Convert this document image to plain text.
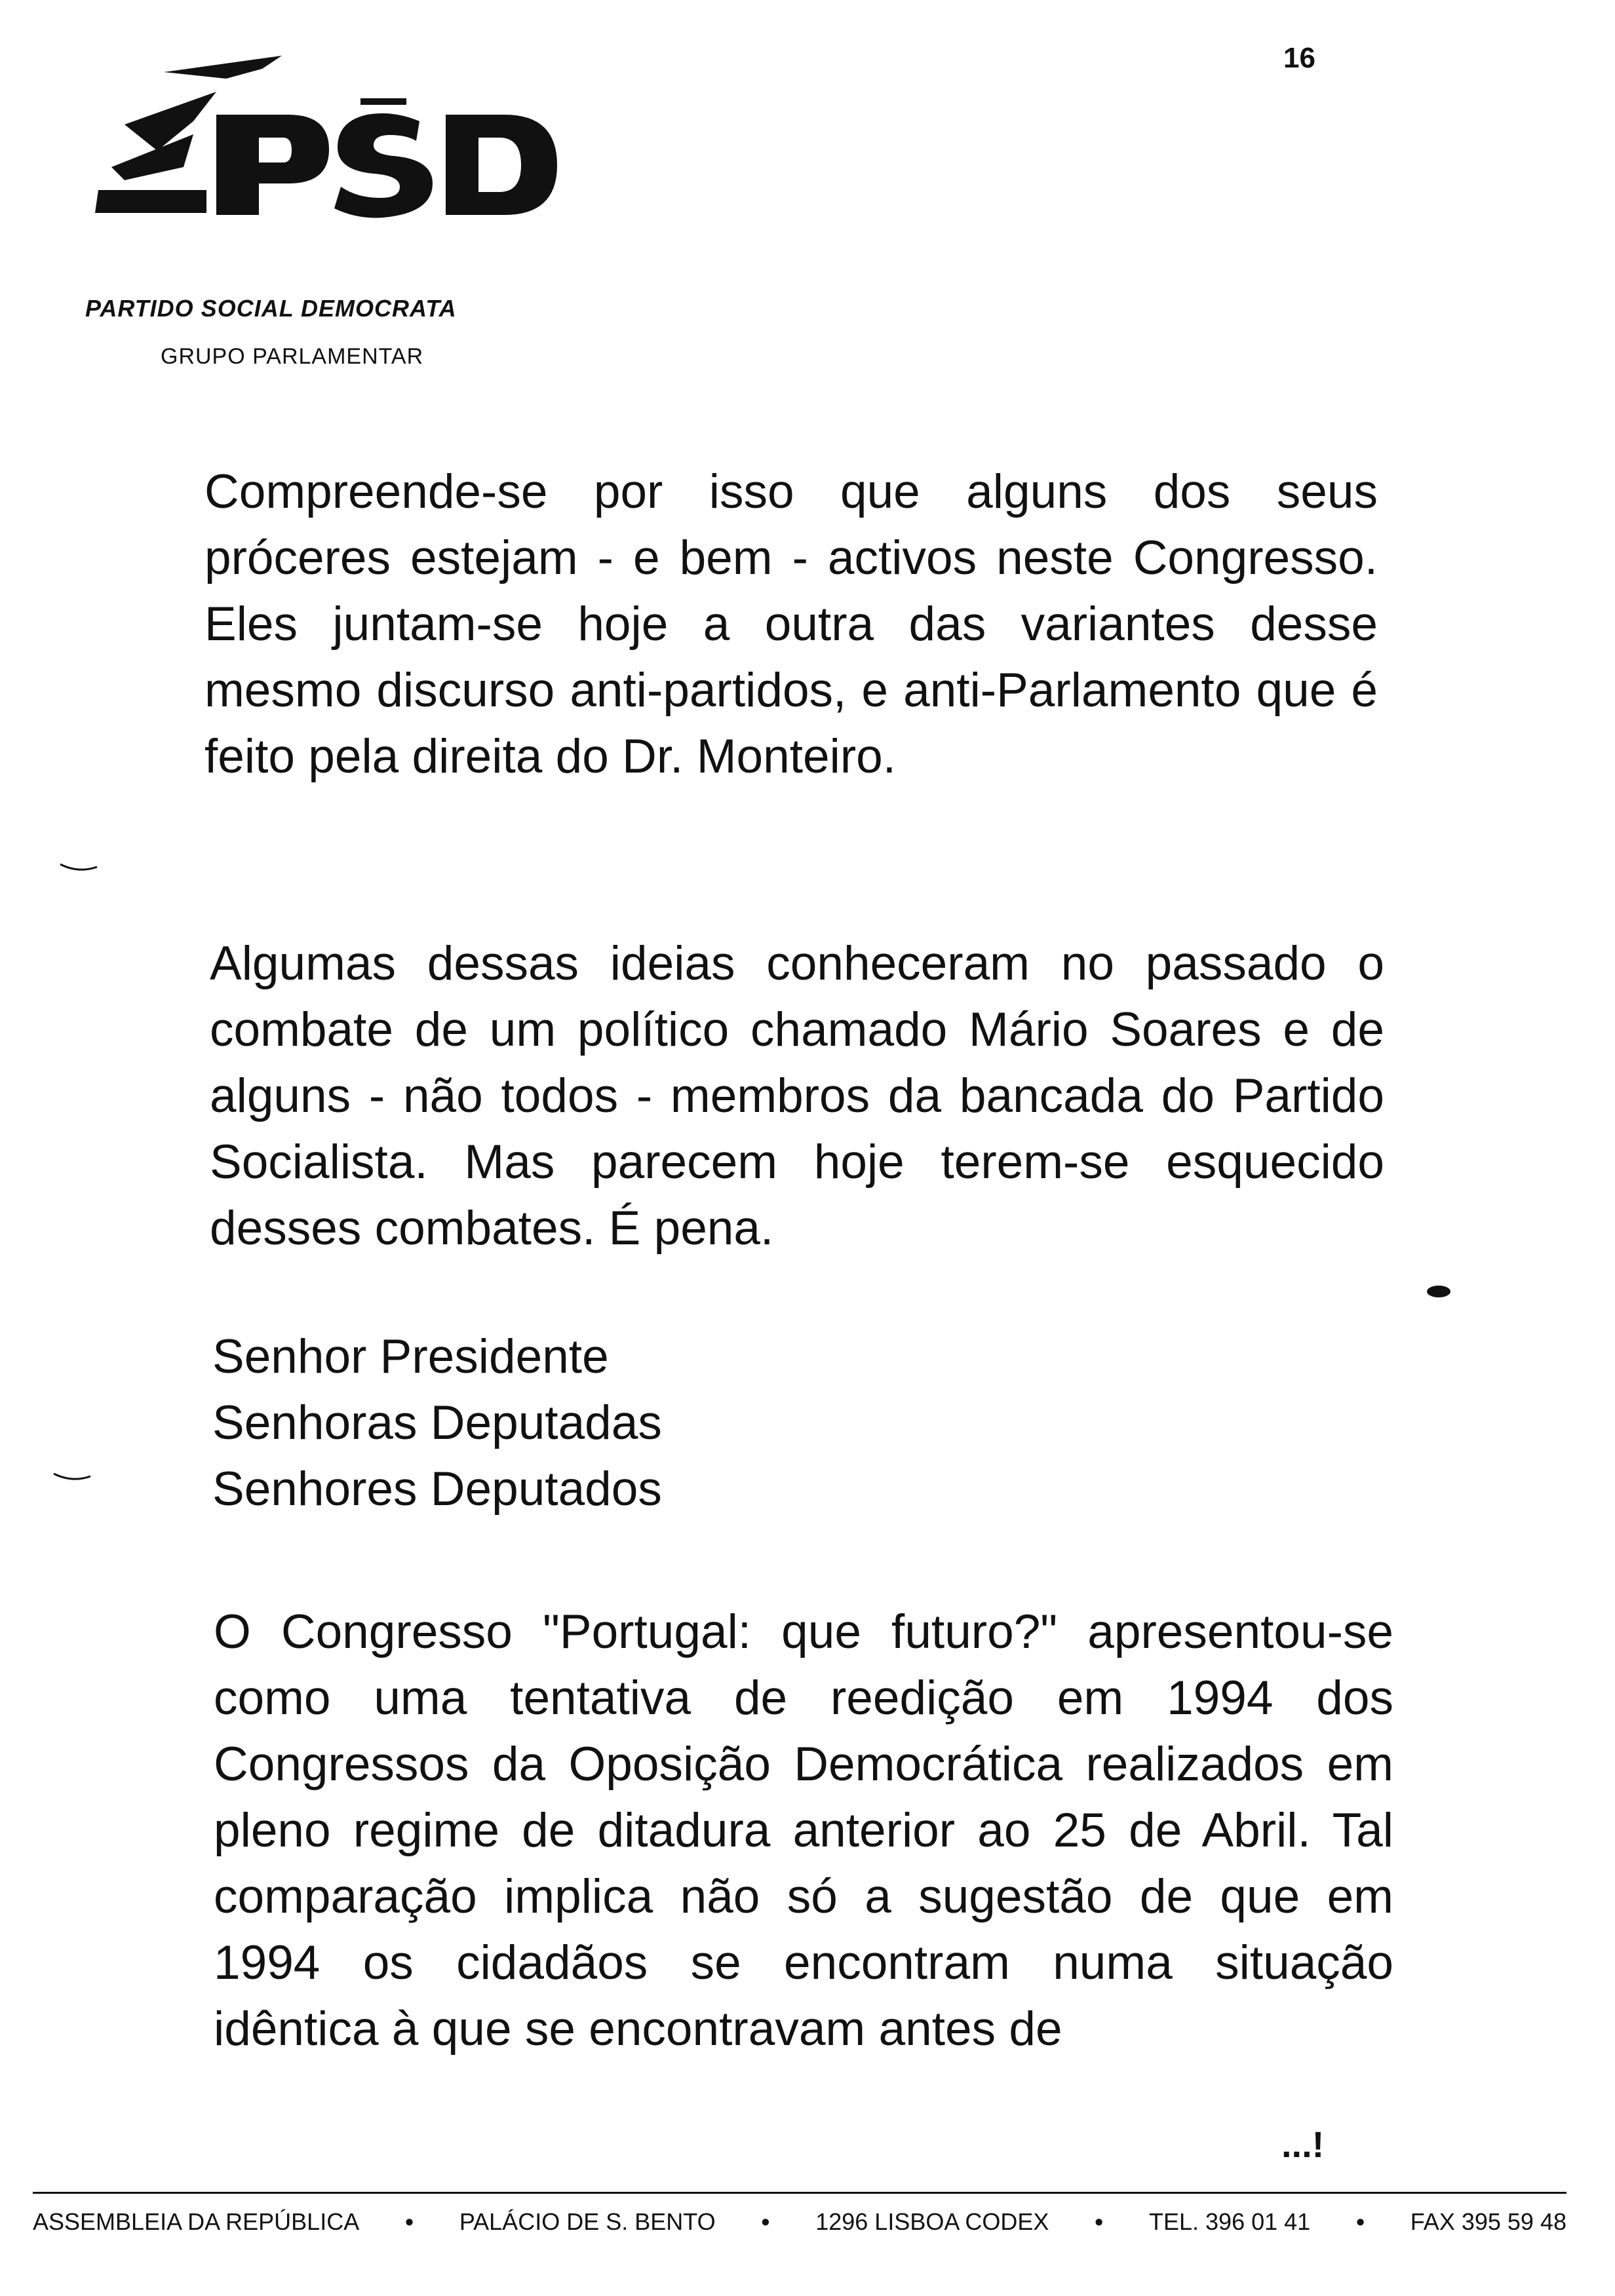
PARTIDO SOCIAL DEMOCRATA
GRUPO PARLAMENTAR
16

Compreende-se por isso que alguns dos seus próceres estejam - e bem - activos neste Congresso. Eles juntam-se hoje a outra das variantes desse mesmo discurso anti-partidos, e anti-Parlamento que é feito pela direita do Dr. Monteiro.

Algumas dessas ideias conheceram no passado o combate de um político chamado Mário Soares e de alguns - não todos - membros da bancada do Partido Socialista. Mas parecem hoje terem-se esquecido desses combates. É pena.

Senhor Presidente
Senhoras Deputadas
Senhores Deputados

O Congresso "Portugal: que futuro?" apresentou-se como uma tentativa de reedição em 1994 dos Congressos da Oposição Democrática realizados em pleno regime de ditadura anterior ao 25 de Abril. Tal comparação implica não só a sugestão de que em 1994 os cidadãos se encontram numa situação idêntica à que se encontravam antes de

...!
ASSEMBLEIA DA REPÚBLICA • PALÁCIO DE S. BENTO • 1296 LISBOA CODEX • TEL. 396 01 41 • FAX 395 59 48
